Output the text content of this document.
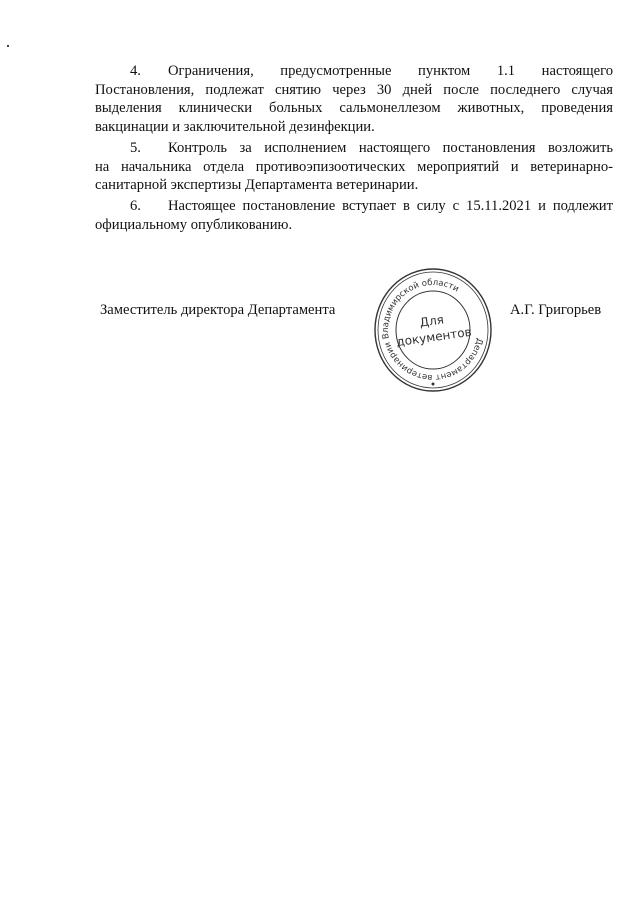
4. Ограничения, предусмотренные пунктом 1.1 настоящего
Постановления, подлежат снятию через 30 дней после последнего случая выделения клинически больных сальмонеллезом животных, проведения вакцинации и заключительной дезинфекции.
5. Контроль за исполнением настоящего постановления возложить
на начальника отдела противоэпизоотических мероприятий и ветеринарно-санитарной экспертизы Департамента ветеринарии.
6. Настоящее постановление вступает в силу с 15.11.2021 и подлежит
официальному опубликованию.
Заместитель директора Департамента
Департамент ветеринарии Владимирской области
Для
документов
А.Г. Григорьев
